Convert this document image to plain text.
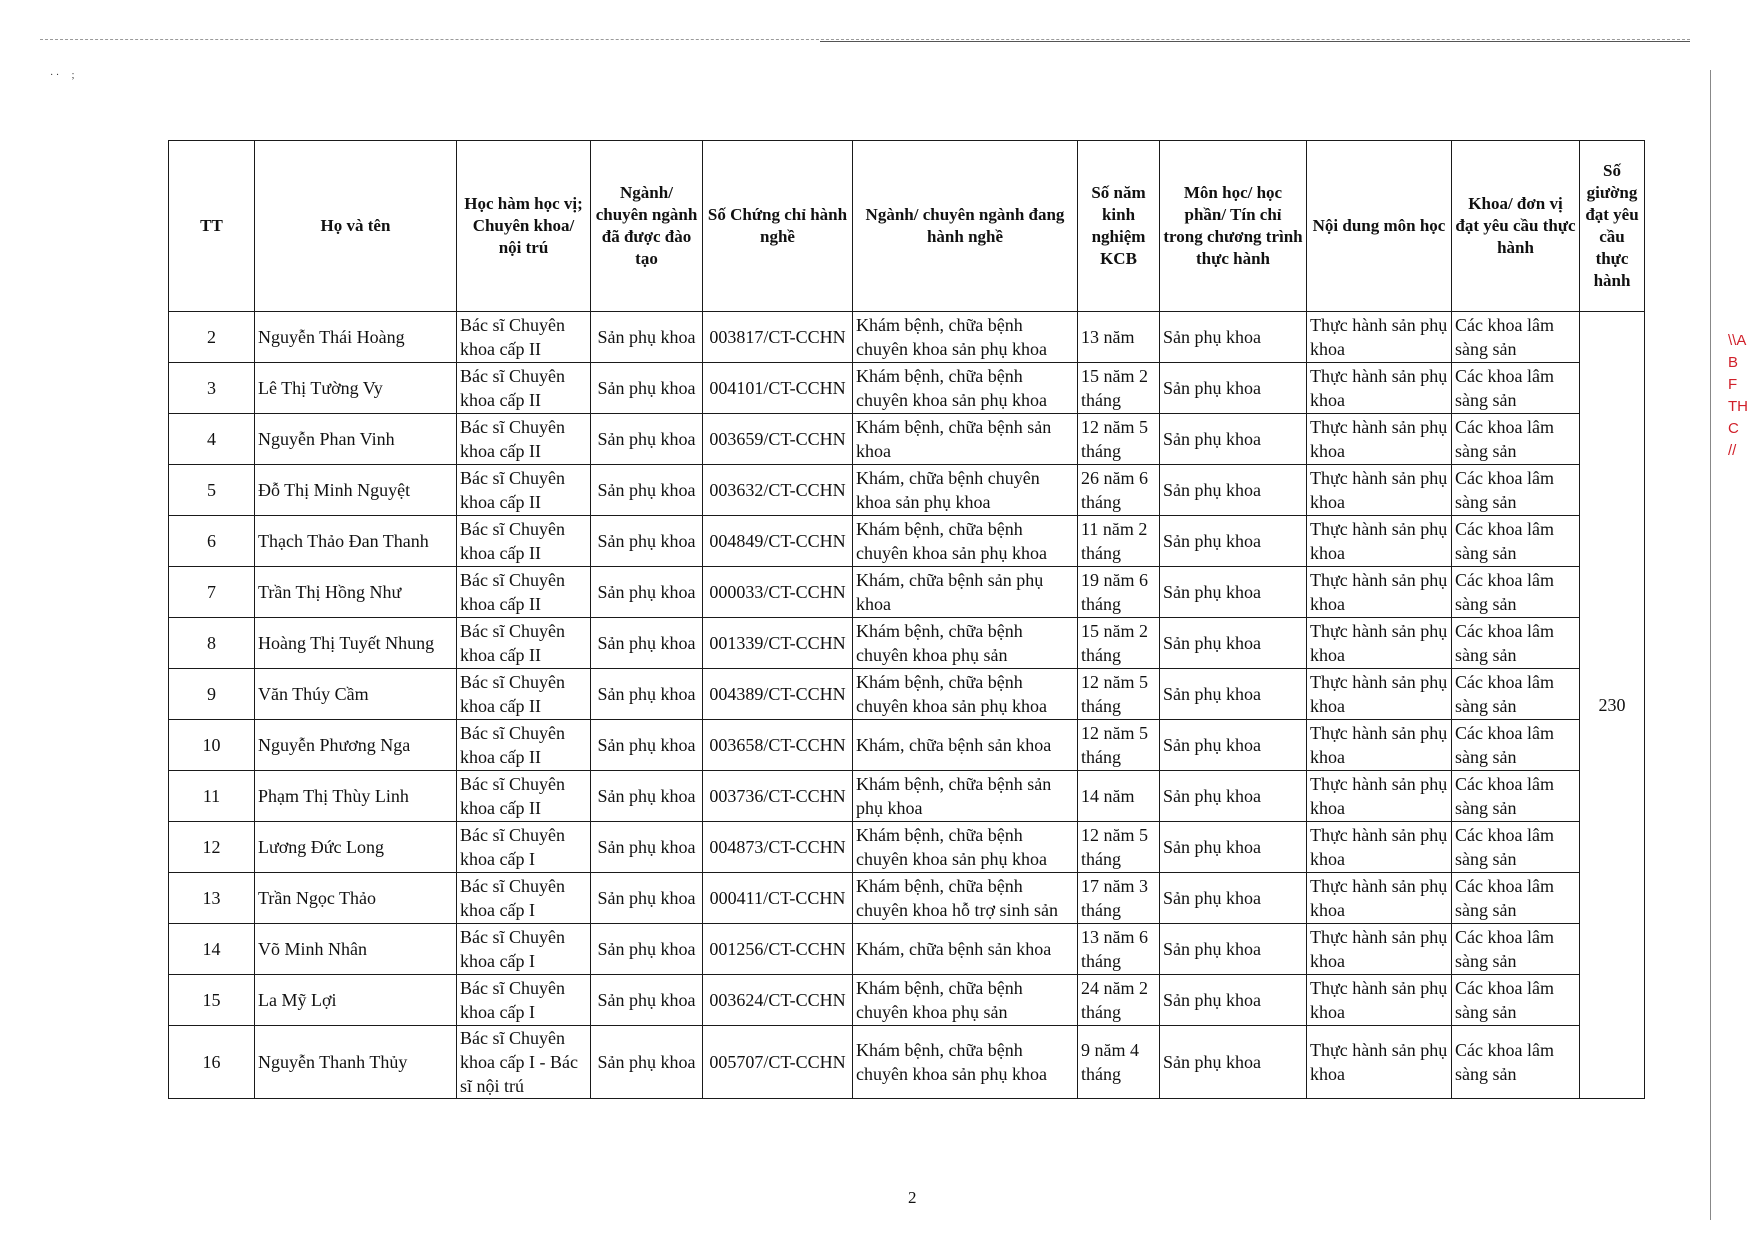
· ·     ;
\\A
B
F
TH
C
//
TT	Họ và tên	Học hàm học vị; Chuyên khoa/ nội trú	Ngành/ chuyên ngành đã được đào tạo	Số Chứng chỉ hành nghề	Ngành/ chuyên ngành đang hành nghề	Số năm kinh nghiệm KCB	Môn học/ học phần/ Tín chỉ trong chương trình thực hành	Nội dung môn học	Khoa/ đơn vị đạt yêu cầu thực hành	Số giường đạt yêu cầu thực hành
2	Nguyễn Thái Hoàng	Bác sĩ Chuyên khoa cấp II	Sản phụ khoa	003817/CT-CCHN	Khám bệnh, chữa bệnh chuyên khoa sản phụ khoa	13 năm	Sản phụ khoa	Thực hành sản phụ khoa	Các khoa lâm sàng sản	230
3	Lê Thị Tường Vy	Bác sĩ Chuyên khoa cấp II	Sản phụ khoa	004101/CT-CCHN	Khám bệnh, chữa bệnh chuyên khoa sản phụ khoa	15 năm 2 tháng	Sản phụ khoa	Thực hành sản phụ khoa	Các khoa lâm sàng sản	
4	Nguyễn Phan Vinh	Bác sĩ Chuyên khoa cấp II	Sản phụ khoa	003659/CT-CCHN	Khám bệnh, chữa bệnh sản khoa	12 năm 5 tháng	Sản phụ khoa	Thực hành sản phụ khoa	Các khoa lâm sàng sản	
5	Đỗ Thị Minh Nguyệt	Bác sĩ Chuyên khoa cấp II	Sản phụ khoa	003632/CT-CCHN	Khám, chữa bệnh chuyên khoa sản phụ khoa	26 năm 6 tháng	Sản phụ khoa	Thực hành sản phụ khoa	Các khoa lâm sàng sản	
6	Thạch Thảo Đan Thanh	Bác sĩ Chuyên khoa cấp II	Sản phụ khoa	004849/CT-CCHN	Khám bệnh, chữa bệnh chuyên khoa sản phụ khoa	11 năm 2 tháng	Sản phụ khoa	Thực hành sản phụ khoa	Các khoa lâm sàng sản	
7	Trần Thị Hồng Như	Bác sĩ Chuyên khoa cấp II	Sản phụ khoa	000033/CT-CCHN	Khám, chữa bệnh sản phụ khoa	19 năm 6 tháng	Sản phụ khoa	Thực hành sản phụ khoa	Các khoa lâm sàng sản	
8	Hoàng Thị Tuyết Nhung	Bác sĩ Chuyên khoa cấp II	Sản phụ khoa	001339/CT-CCHN	Khám bệnh, chữa bệnh chuyên khoa phụ sản	15 năm 2 tháng	Sản phụ khoa	Thực hành sản phụ khoa	Các khoa lâm sàng sản	
9	Văn Thúy Cầm	Bác sĩ Chuyên khoa cấp II	Sản phụ khoa	004389/CT-CCHN	Khám bệnh, chữa bệnh chuyên khoa sản phụ khoa	12 năm 5 tháng	Sản phụ khoa	Thực hành sản phụ khoa	Các khoa lâm sàng sản	
10	Nguyễn Phương Nga	Bác sĩ Chuyên khoa cấp II	Sản phụ khoa	003658/CT-CCHN	Khám, chữa bệnh sản khoa	12 năm 5 tháng	Sản phụ khoa	Thực hành sản phụ khoa	Các khoa lâm sàng sản	
11	Phạm Thị Thùy Linh	Bác sĩ Chuyên khoa cấp II	Sản phụ khoa	003736/CT-CCHN	Khám bệnh, chữa bệnh sản phụ khoa	14 năm	Sản phụ khoa	Thực hành sản phụ khoa	Các khoa lâm sàng sản	
12	Lương Đức Long	Bác sĩ Chuyên khoa cấp I	Sản phụ khoa	004873/CT-CCHN	Khám bệnh, chữa bệnh chuyên khoa sản phụ khoa	12 năm 5 tháng	Sản phụ khoa	Thực hành sản phụ khoa	Các khoa lâm sàng sản	
13	Trần Ngọc Thảo	Bác sĩ Chuyên khoa cấp I	Sản phụ khoa	000411/CT-CCHN	Khám bệnh, chữa bệnh chuyên khoa hỗ trợ sinh sản	17 năm 3 tháng	Sản phụ khoa	Thực hành sản phụ khoa	Các khoa lâm sàng sản	
14	Võ Minh Nhân	Bác sĩ Chuyên khoa cấp I	Sản phụ khoa	001256/CT-CCHN	Khám, chữa bệnh sản khoa	13 năm 6 tháng	Sản phụ khoa	Thực hành sản phụ khoa	Các khoa lâm sàng sản	
15	La Mỹ Lợi	Bác sĩ Chuyên khoa cấp I	Sản phụ khoa	003624/CT-CCHN	Khám bệnh, chữa bệnh chuyên khoa phụ sản	24 năm 2 tháng	Sản phụ khoa	Thực hành sản phụ khoa	Các khoa lâm sàng sản	
16	Nguyễn Thanh Thủy	Bác sĩ Chuyên khoa cấp I - Bác sĩ nội trú	Sản phụ khoa	005707/CT-CCHN	Khám bệnh, chữa bệnh chuyên khoa sản phụ khoa	9 năm 4 tháng	Sản phụ khoa	Thực hành sản phụ khoa	Các khoa lâm sàng sản	
2
